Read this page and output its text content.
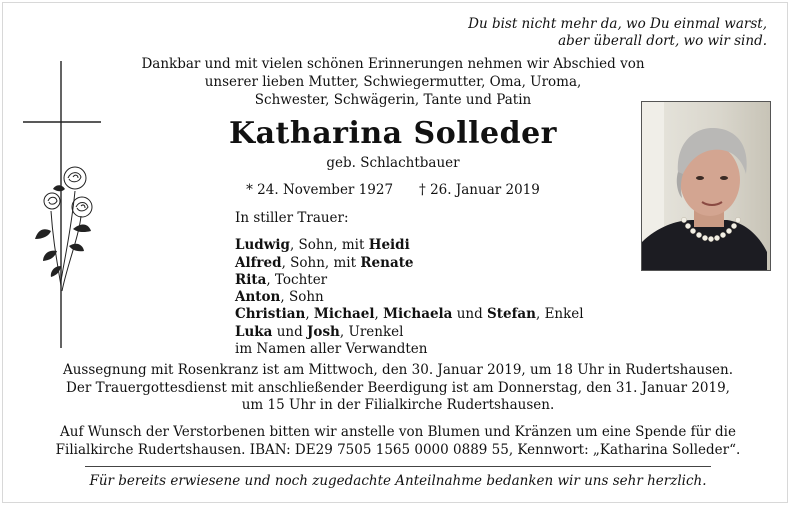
Du bist nicht mehr da, wo Du einmal warst,
aber überall dort, wo wir sind.
Dankbar und mit vielen schönen Erinnerungen nehmen wir Abschied von
unserer lieben Mutter, Schwiegermutter, Oma, Uroma,
Schwester, Schwägerin, Tante und Patin
Katharina Solleder
geb. Schlachtbauer
* 24. November 1927 † 26. Januar 2019
In stiller Trauer:
Ludwig, Sohn, mit Heidi
Alfred, Sohn, mit Renate
Rita, Tochter
Anton, Sohn
Christian, Michael, Michaela und Stefan, Enkel
Luka und Josh, Urenkel
im Namen aller Verwandten
Aussegnung mit Rosenkranz ist am Mittwoch, den 30. Januar 2019, um 18 Uhr in Rudertshausen.
Der Trauergottesdienst mit anschließender Beerdigung ist am Donnerstag, den 31. Januar 2019,
um 15 Uhr in der Filialkirche Rudertshausen.
Auf Wunsch der Verstorbenen bitten wir anstelle von Blumen und Kränzen um eine Spende für die
Filialkirche Rudertshausen. IBAN: DE29 7505 1565 0000 0889 55, Kennwort: „Katharina Solleder“.
Für bereits erwiesene und noch zugedachte Anteilnahme bedanken wir uns sehr herzlich.
